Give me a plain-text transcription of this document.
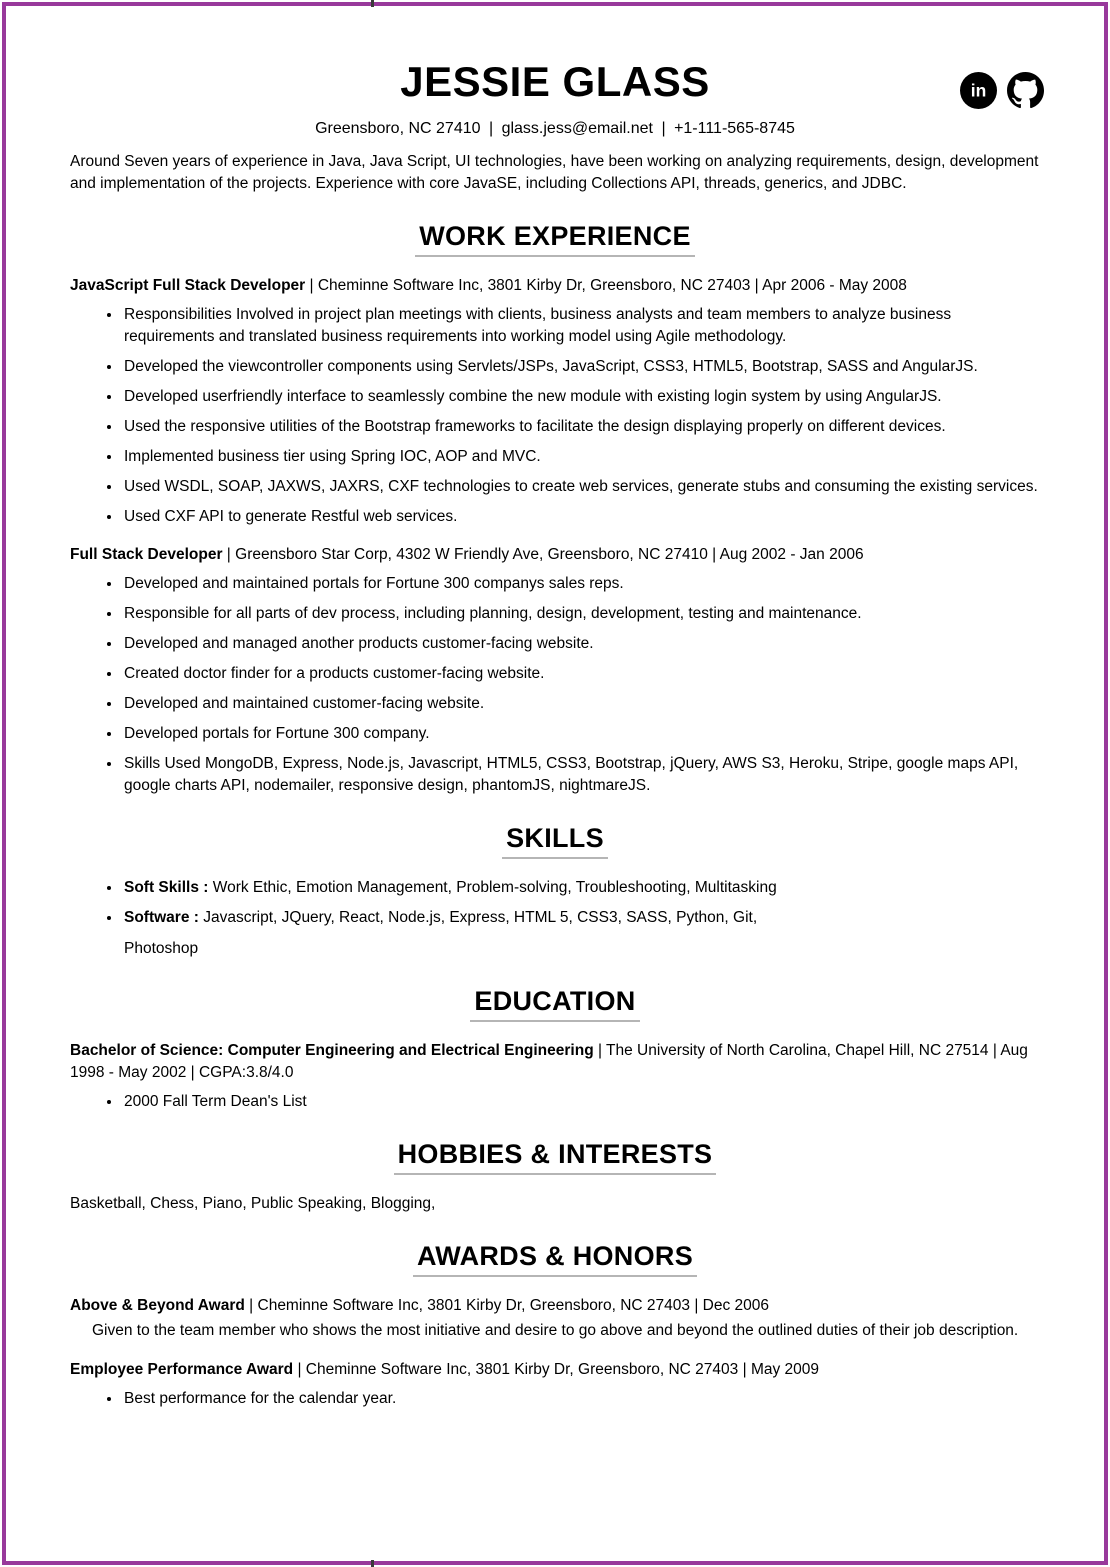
in
JESSIE GLASS

Greensboro, NC 27410 | glass.jess@email.net | +1-111-565-8745

Around Seven years of experience in Java, Java Script, UI technologies, have been working on analyzing requirements, design, development and implementation of the projects. Experience with core JavaSE, including Collections API, threads, generics, and JDBC.

WORK EXPERIENCE

JavaScript Full Stack Developer | Cheminne Software Inc, 3801 Kirby Dr, Greensboro, NC 27403 | Apr 2006 - May 2008

• Responsibilities Involved in project plan meetings with clients, business analysts and team members to analyze business requirements and translated business requirements into working model using Agile methodology.
• Developed the viewcontroller components using Servlets/JSPs, JavaScript, CSS3, HTML5, Bootstrap, SASS and AngularJS.
• Developed userfriendly interface to seamlessly combine the new module with existing login system by using AngularJS.
• Used the responsive utilities of the Bootstrap frameworks to facilitate the design displaying properly on different devices.
• Implemented business tier using Spring IOC, AOP and MVC.
• Used WSDL, SOAP, JAXWS, JAXRS, CXF technologies to create web services, generate stubs and consuming the existing services.
• Used CXF API to generate Restful web services.

Full Stack Developer | Greensboro Star Corp, 4302 W Friendly Ave, Greensboro, NC 27410 | Aug 2002 - Jan 2006

• Developed and maintained portals for Fortune 300 companys sales reps.
• Responsible for all parts of dev process, including planning, design, development, testing and maintenance.
• Developed and managed another products customer-facing website.
• Created doctor finder for a products customer-facing website.
• Developed and maintained customer-facing website.
• Developed portals for Fortune 300 company.
• Skills Used MongoDB, Express, Node.js, Javascript, HTML5, CSS3, Bootstrap, jQuery, AWS S3, Heroku, Stripe, google maps API, google charts API, nodemailer, responsive design, phantomJS, nightmareJS.
SKILLS
• Soft Skills : Work Ethic, Emotion Management, Problem-solving, Troubleshooting, Multitasking
• Software : Javascript, JQuery, React, Node.js, Express, HTML 5, CSS3, SASS, Python, Git,
Photoshop
EDUCATION

Bachelor of Science: Computer Engineering and Electrical Engineering | The University of North Carolina, Chapel Hill, NC 27514 | Aug 1998 - May 2002 | CGPA:3.8/4.0

• 2000 Fall Term Dean's List
HOBBIES & INTERESTS

Basketball, Chess, Piano, Public Speaking, Blogging,

AWARDS & HONORS

Above & Beyond Award | Cheminne Software Inc, 3801 Kirby Dr, Greensboro, NC 27403 | Dec 2006

Given to the team member who shows the most initiative and desire to go above and beyond the outlined duties of their job description.

Employee Performance Award | Cheminne Software Inc, 3801 Kirby Dr, Greensboro, NC 27403 | May 2009

• Best performance for the calendar year.
